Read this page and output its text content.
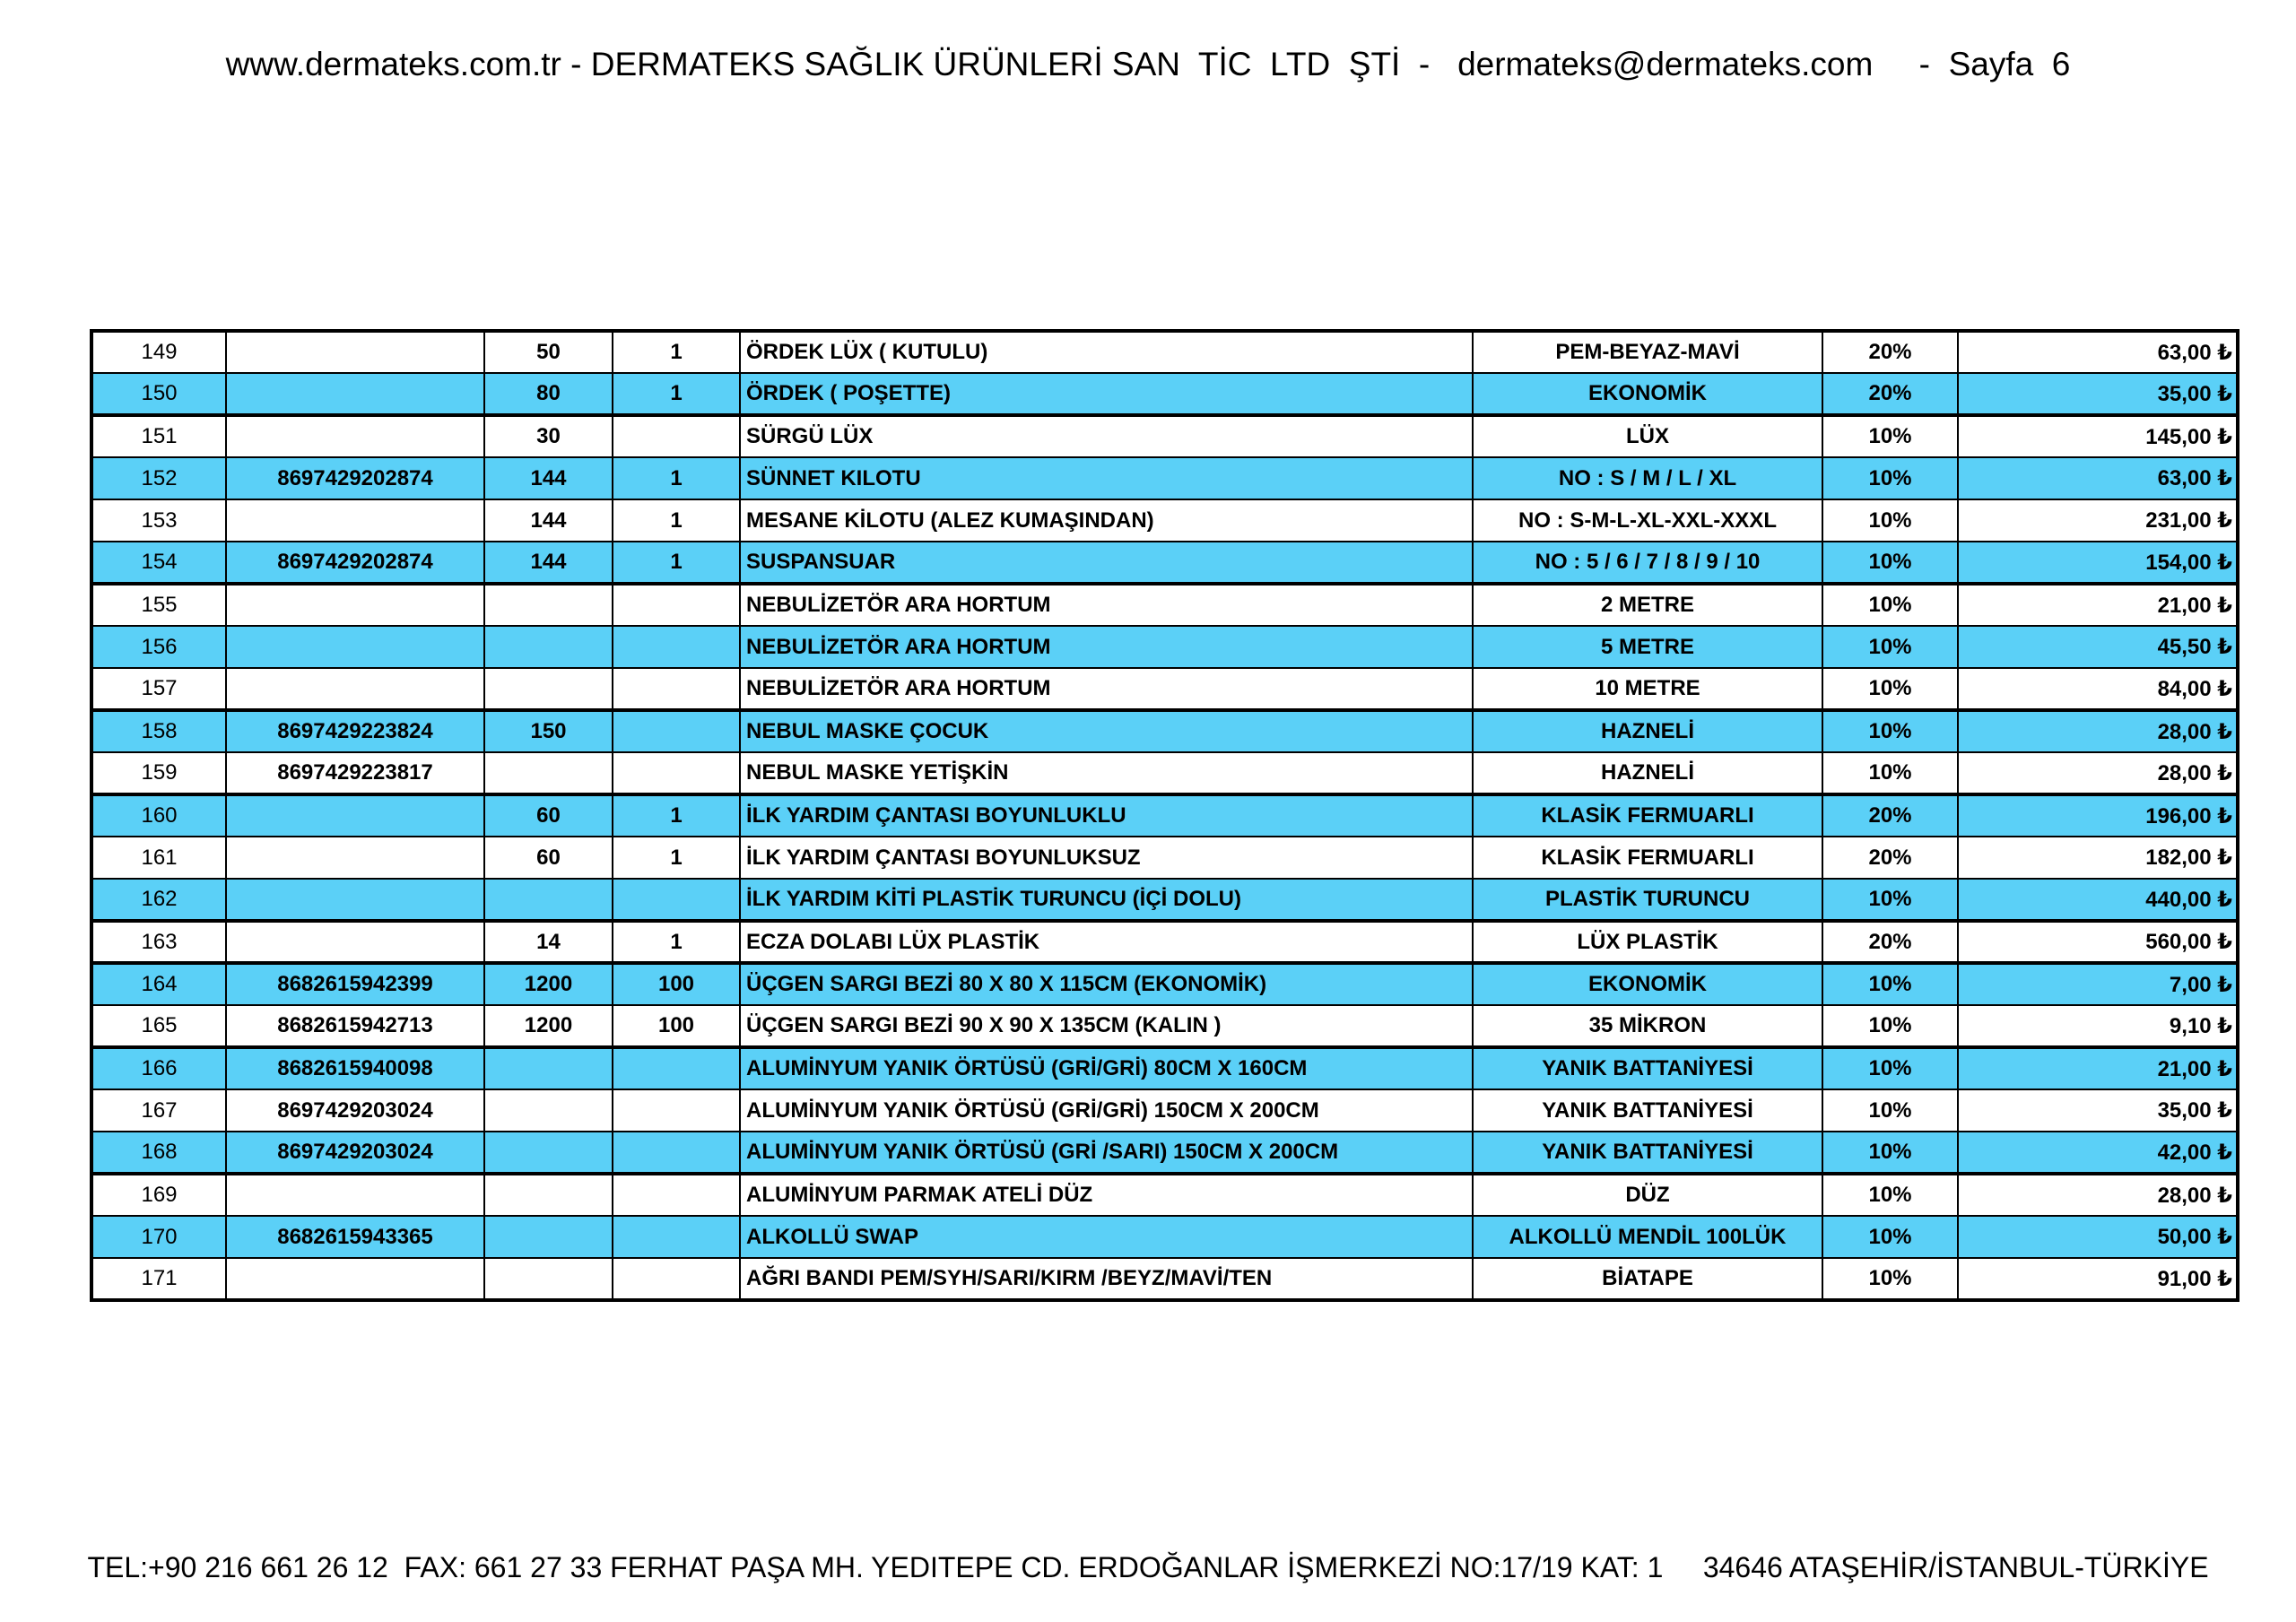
www.dermateks.com.tr - DERMATEKS SAĞLIK ÜRÜNLERİ SAN  TİC  LTD  ŞTİ - dermateks@dermateks.com - Sayfa  6
149		50	1	ÖRDEK LÜX ( KUTULU)	PEM-BEYAZ-MAVİ	20%	63,00 ₺
150		80	1	ÖRDEK ( POŞETTE)	EKONOMİK	20%	35,00 ₺
151		30		SÜRGÜ LÜX	LÜX	10%	145,00 ₺
152	8697429202874	144	1	SÜNNET KILOTU	NO : S / M / L / XL	10%	63,00 ₺
153		144	1	MESANE KİLOTU (ALEZ KUMAŞINDAN)	NO : S-M-L-XL-XXL-XXXL	10%	231,00 ₺
154	8697429202874	144	1	SUSPANSUAR	NO : 5 / 6 / 7 / 8 / 9 / 10	10%	154,00 ₺
155				NEBULİZETÖR ARA HORTUM	2 METRE	10%	21,00 ₺
156				NEBULİZETÖR ARA HORTUM	5 METRE	10%	45,50 ₺
157				NEBULİZETÖR ARA HORTUM	10 METRE	10%	84,00 ₺
158	8697429223824	150		NEBUL MASKE ÇOCUK	HAZNELİ	10%	28,00 ₺
159	8697429223817			NEBUL MASKE YETİŞKİN	HAZNELİ	10%	28,00 ₺
160		60	1	İLK YARDIM ÇANTASI BOYUNLUKLU	KLASİK FERMUARLI	20%	196,00 ₺
161		60	1	İLK YARDIM ÇANTASI BOYUNLUKSUZ	KLASİK FERMUARLI	20%	182,00 ₺
162				İLK YARDIM KİTİ PLASTİK TURUNCU (İÇİ DOLU)	PLASTİK TURUNCU	10%	440,00 ₺
163		14	1	ECZA DOLABI LÜX PLASTİK	LÜX PLASTİK	20%	560,00 ₺
164	8682615942399	1200	100	ÜÇGEN SARGI BEZİ 80 X 80 X 115CM (EKONOMİK)	EKONOMİK	10%	7,00 ₺
165	8682615942713	1200	100	ÜÇGEN SARGI BEZİ 90 X 90 X 135CM (KALIN )	35 MİKRON	10%	9,10 ₺
166	8682615940098			ALUMİNYUM YANIK ÖRTÜSÜ (GRİ/GRİ) 80CM X 160CM	YANIK BATTANİYESİ	10%	21,00 ₺
167	8697429203024			ALUMİNYUM YANIK ÖRTÜSÜ (GRİ/GRİ) 150CM X 200CM	YANIK BATTANİYESİ	10%	35,00 ₺
168	8697429203024			ALUMİNYUM YANIK ÖRTÜSÜ (GRİ /SARI) 150CM X 200CM	YANIK BATTANİYESİ	10%	42,00 ₺
169				ALUMİNYUM PARMAK ATELİ DÜZ	DÜZ	10%	28,00 ₺
170	8682615943365			ALKOLLÜ SWAP	ALKOLLÜ MENDİL 100LÜK	10%	50,00 ₺
171				AĞRI BANDI PEM/SYH/SARI/KIRM /BEYZ/MAVİ/TEN	BİATAPE	10%	91,00 ₺
TEL:+90 216 661 26 12  FAX: 661 27 33 FERHAT PAŞA MH. YEDITEPE CD. ERDOĞANLAR İŞMERKEZİ NO:17/19 KAT: 1     34646 ATAŞEHİR/İSTANBUL-TÜRKİYE
